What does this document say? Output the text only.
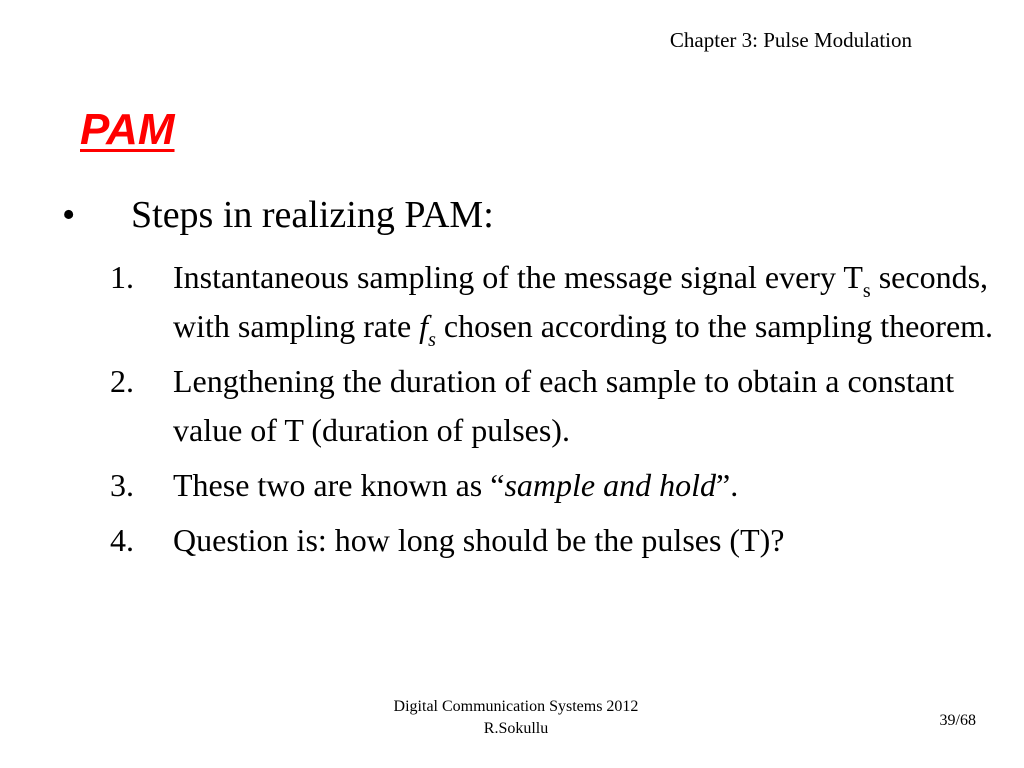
Chapter 3: Pulse Modulation
PAM
• Steps in realizing PAM:
1. Instantaneous sampling of the message signal every $T_s$ seconds, with sampling rate $f_s$ chosen according to the sampling theorem.
2. Lengthening the duration of each sample to obtain a constant value of T (duration of pulses).
3. These two are known as “sample and hold”.
4. Question is: how long should be the pulses (T)?
Digital Communication Systems 2012
R.Sokullu	39/68
